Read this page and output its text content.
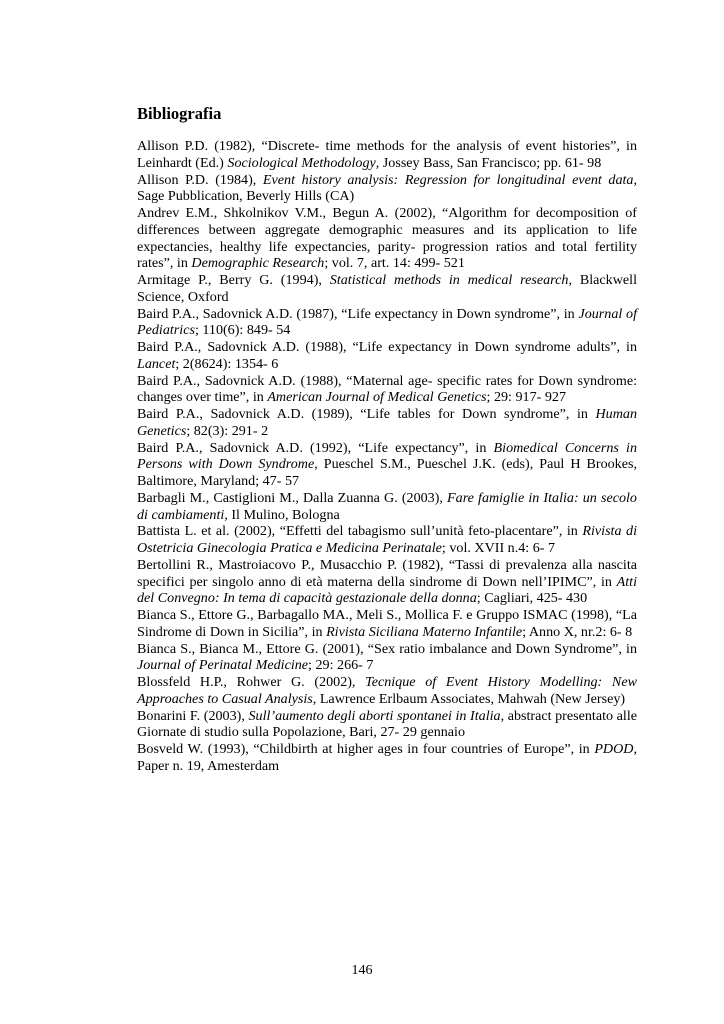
Bibliografia
Allison P.D. (1982), “Discrete- time methods for the analysis of event histories”, in Leinhardt (Ed.) Sociological Methodology, Jossey Bass, San Francisco; pp. 61- 98
Allison P.D. (1984), Event history analysis: Regression for longitudinal event data, Sage Pubblication, Beverly Hills (CA)
Andrev E.M., Shkolnikov V.M., Begun A. (2002), “Algorithm for decomposition of differences between aggregate demographic measures and its application to life expectancies, healthy life expectancies, parity- progression ratios and total fertility rates”, in Demographic Research; vol. 7, art. 14: 499- 521
Armitage P., Berry G. (1994), Statistical methods in medical research, Blackwell Science, Oxford
Baird P.A., Sadovnick A.D. (1987), “Life expectancy in Down syndrome”, in Journal of Pediatrics; 110(6): 849- 54
Baird P.A., Sadovnick A.D. (1988), “Life expectancy in Down syndrome adults”, in Lancet; 2(8624): 1354- 6
Baird P.A., Sadovnick A.D. (1988), “Maternal age- specific rates for Down syndrome: changes over time”, in American Journal of Medical Genetics; 29: 917- 927
Baird P.A., Sadovnick A.D. (1989), “Life tables for Down syndrome”, in Human Genetics; 82(3): 291- 2
Baird P.A., Sadovnick A.D. (1992), “Life expectancy”, in Biomedical Concerns in Persons with Down Syndrome, Pueschel S.M., Pueschel J.K. (eds), Paul H Brookes, Baltimore, Maryland; 47- 57
Barbagli M., Castiglioni M., Dalla Zuanna G. (2003), Fare famiglie in Italia: un secolo di cambiamenti, Il Mulino, Bologna
Battista L. et al. (2002), “Effetti del tabagismo sull’unità feto-placentare”, in Rivista di Ostetricia Ginecologia Pratica e Medicina Perinatale; vol. XVII n.4: 6- 7
Bertollini R., Mastroiacovo P., Musacchio P. (1982), “Tassi di prevalenza alla nascita specifici per singolo anno di età materna della sindrome di Down nell’IPIMC”, in Atti del Convegno: In tema di capacità gestazionale della donna; Cagliari, 425- 430
Bianca S., Ettore G., Barbagallo MA., Meli S., Mollica F. e Gruppo ISMAC (1998), “La Sindrome di Down in Sicilia”, in Rivista Siciliana Materno Infantile; Anno X, nr.2: 6- 8
Bianca S., Bianca M., Ettore G. (2001), “Sex ratio imbalance and Down Syndrome”, in Journal of Perinatal Medicine; 29: 266- 7
Blossfeld H.P., Rohwer G. (2002), Tecnique of Event History Modelling: New Approaches to Casual Analysis, Lawrence Erlbaum Associates, Mahwah (New Jersey)
Bonarini F. (2003), Sull’aumento degli aborti spontanei in Italia, abstract presentato alle Giornate di studio sulla Popolazione, Bari, 27- 29 gennaio
Bosveld W. (1993), “Childbirth at higher ages in four countries of Europe”, in PDOD, Paper n. 19, Amesterdam
146
